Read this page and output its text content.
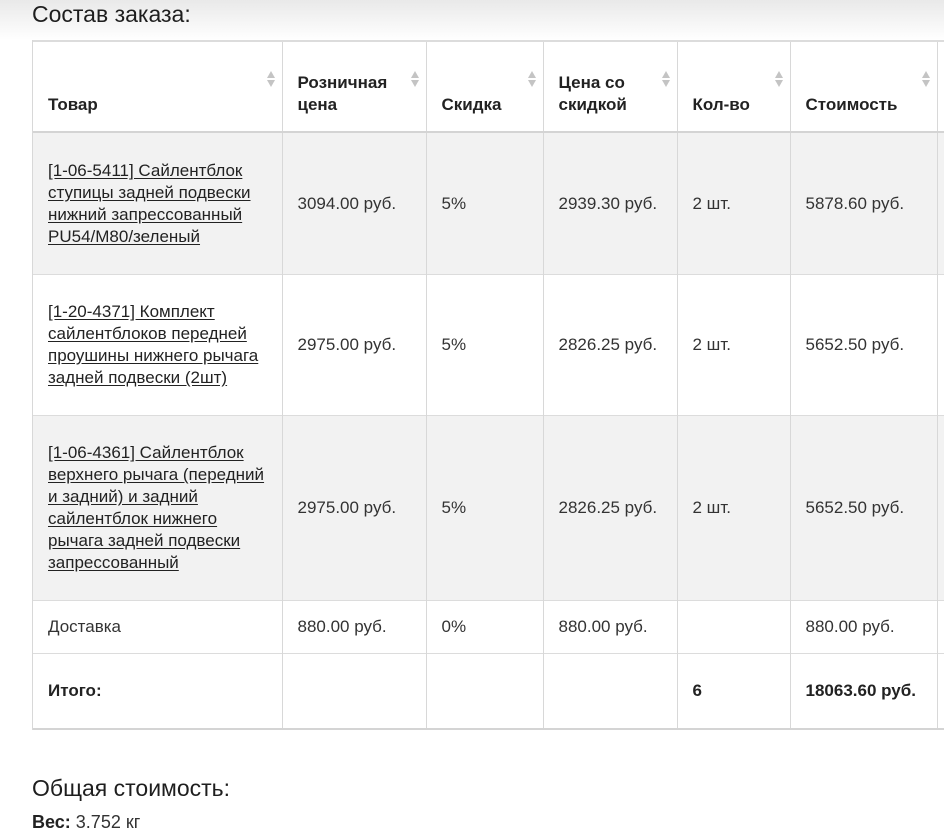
Состав заказа:
Товар	Розничная цена	Скидка	Цена со скидкой	Кол-во	Стоимость

[1-06-5411] Сайлентблок ступицы задней подвески нижний запрессованный PU54/M80/зеленый	3094.00 руб.	5%	2939.30 руб.	2 шт.	5878.60 руб.	
[1-20-4371] Комплект сайлентблоков передней проушины нижнего рычага задней подвески (2шт)	2975.00 руб.	5%	2826.25 руб.	2 шт.	5652.50 руб.	
[1-06-4361] Сайлентблок верхнего рычага (передний и задний) и задний сайлентблок нижнего рычага задней подвески запрессованный	2975.00 руб.	5%	2826.25 руб.	2 шт.	5652.50 руб.	
Доставка	880.00 руб.	0%	880.00 руб.		880.00 руб.	
Итого:				6	18063.60 руб.	
Общая стоимость:
Вес: 3.752 кг
